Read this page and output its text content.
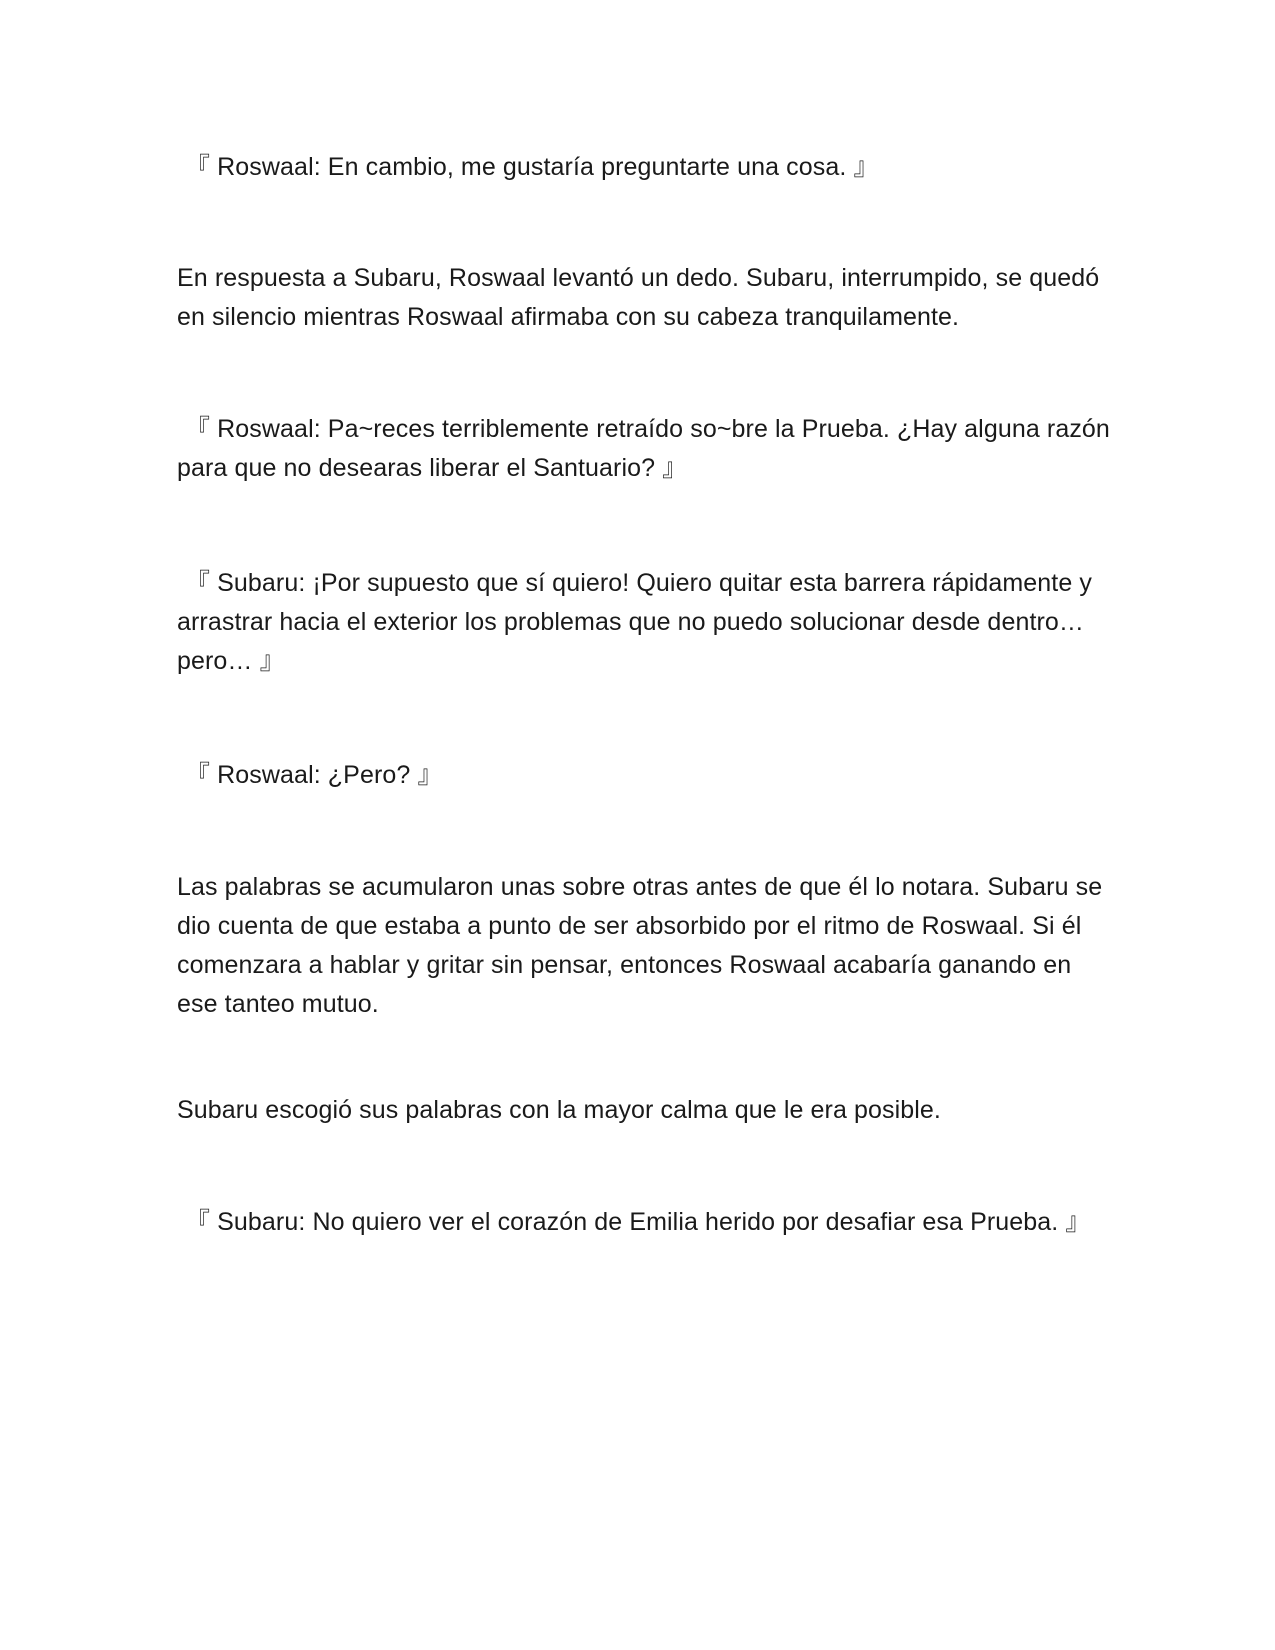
『 Roswaal: En cambio, me gustaría preguntarte una cosa. 』

En respuesta a Subaru, Roswaal levantó un dedo. Subaru, interrumpido, se quedó en silencio mientras Roswaal afirmaba con su cabeza tranquilamente.

『 Roswaal: Pa~reces terriblemente retraído so~bre la Prueba. ¿Hay alguna razón para que no desearas liberar el Santuario? 』

『 Subaru: ¡Por supuesto que sí quiero! Quiero quitar esta barrera rápidamente y arrastrar hacia el exterior los problemas que no puedo solucionar desde dentro… pero… 』

『 Roswaal: ¿Pero? 』

Las palabras se acumularon unas sobre otras antes de que él lo notara. Subaru se dio cuenta de que estaba a punto de ser absorbido por el ritmo de Roswaal. Si él comenzara a hablar y gritar sin pensar, entonces Roswaal acabaría ganando en ese tanteo mutuo.

Subaru escogió sus palabras con la mayor calma que le era posible.

『 Subaru: No quiero ver el corazón de Emilia herido por desafiar esa Prueba. 』
